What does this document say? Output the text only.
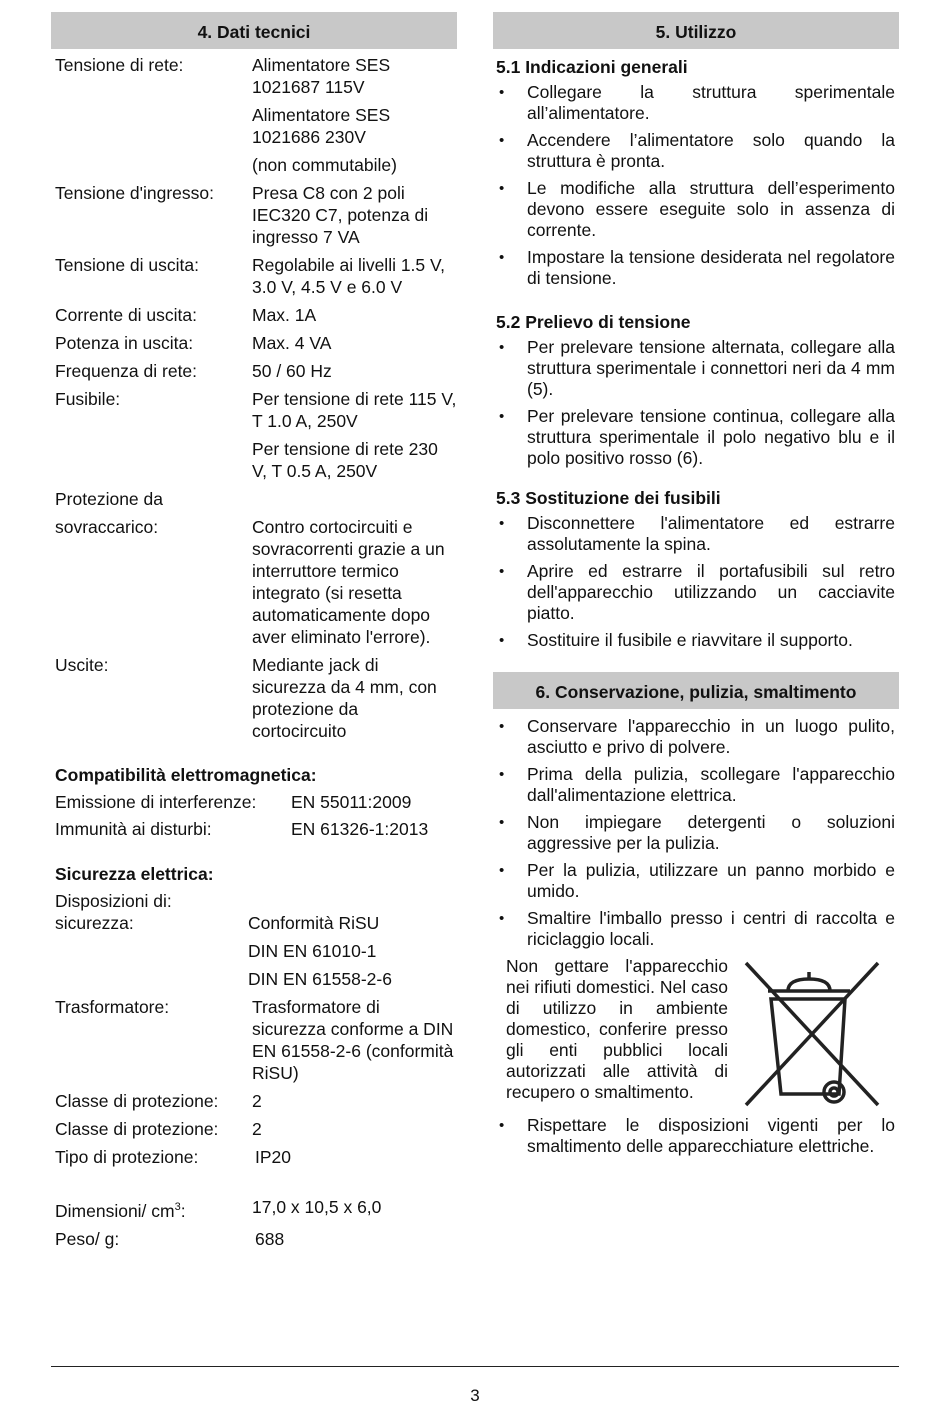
4. Dati tecnici
Tensione di rete:	Alimentatore SES 1021687 115V
Alimentatore SES 1021686 230V
(non commutabile)
Tensione d'ingresso:	Presa C8 con 2 poli IEC320 C7, potenza di ingresso 7 VA
Tensione di uscita:	Regolabile ai livelli 1.5 V, 3.0 V, 4.5 V e 6.0 V
Corrente di uscita:	Max. 1A
Potenza in uscita:	Max. 4 VA
Frequenza di rete:	50 / 60 Hz
Fusibile:	Per tensione di rete 115 V, T 1.0 A, 250V
Per tensione di rete 230 V, T 0.5 A, 250V
Protezione da
sovraccarico:	Contro cortocircuiti e sovracorrenti grazie a un interruttore termico integrato (si resetta automaticamente dopo aver eliminato l'errore).
Uscite:	Mediante jack di sicurezza da 4 mm, con protezione da cortocircuito
Compatibilità elettromagnetica:
Emissione di interferenze:	EN 55011:2009
Immunità ai disturbi:	EN 61326-1:2013
Sicurezza elettrica:
Disposizioni di: sicurezza:	Conformità RiSU
DIN EN 61010-1
DIN EN 61558-2-6
Trasformatore:	Trasformatore di sicurezza conforme a DIN EN 61558-2-6 (conformità RiSU)
Classe di protezione:	2
Classe di protezione:	2
Tipo di protezione:	IP20
Dimensioni/ $cm^3$:	17,0 x 10,5 x 6,0
Peso/ g:	688
5. Utilizzo
5.1 Indicazioni generali
• Collegare la struttura sperimentale all’alimentatore.
• Accendere l’alimentatore solo quando la struttura è pronta.
• Le modifiche alla struttura dell’esperimento devono essere eseguite solo in assenza di corrente.
• Impostare la tensione desiderata nel regolatore di tensione.
5.2 Prelievo di tensione
• Per prelevare tensione alternata, collegare alla struttura sperimentale i connettori neri da 4 mm (5).
• Per prelevare tensione continua, collegare alla struttura sperimentale il polo negativo blu e il polo positivo rosso (6).
5.3 Sostituzione dei fusibili
• Disconnettere l'alimentatore ed estrarre assolutamente la spina.
• Aprire ed estrarre il portafusibili sul retro dell'apparecchio utilizzando un cacciavite piatto.
• Sostituire il fusibile e riavvitare il supporto.
6. Conservazione, pulizia, smaltimento
• Conservare l'apparecchio in un luogo pulito, asciutto e privo di polvere.
• Prima della pulizia, scollegare l'apparecchio dall'alimentazione elettrica.
• Non impiegare detergenti o soluzioni aggressive per la pulizia.
• Per la pulizia, utilizzare un panno morbido e umido.
• Smaltire l'imballo presso i centri di raccolta e riciclaggio locali.
Non gettare l'apparecchio nei rifiuti domestici. Nel caso di utilizzo in ambiente domestico, conferire presso gli enti pubblici locali autorizzati alle attività di recupero o smaltimento.
• Rispettare le disposizioni vigenti per lo smaltimento delle apparecchiature elettriche.
3
